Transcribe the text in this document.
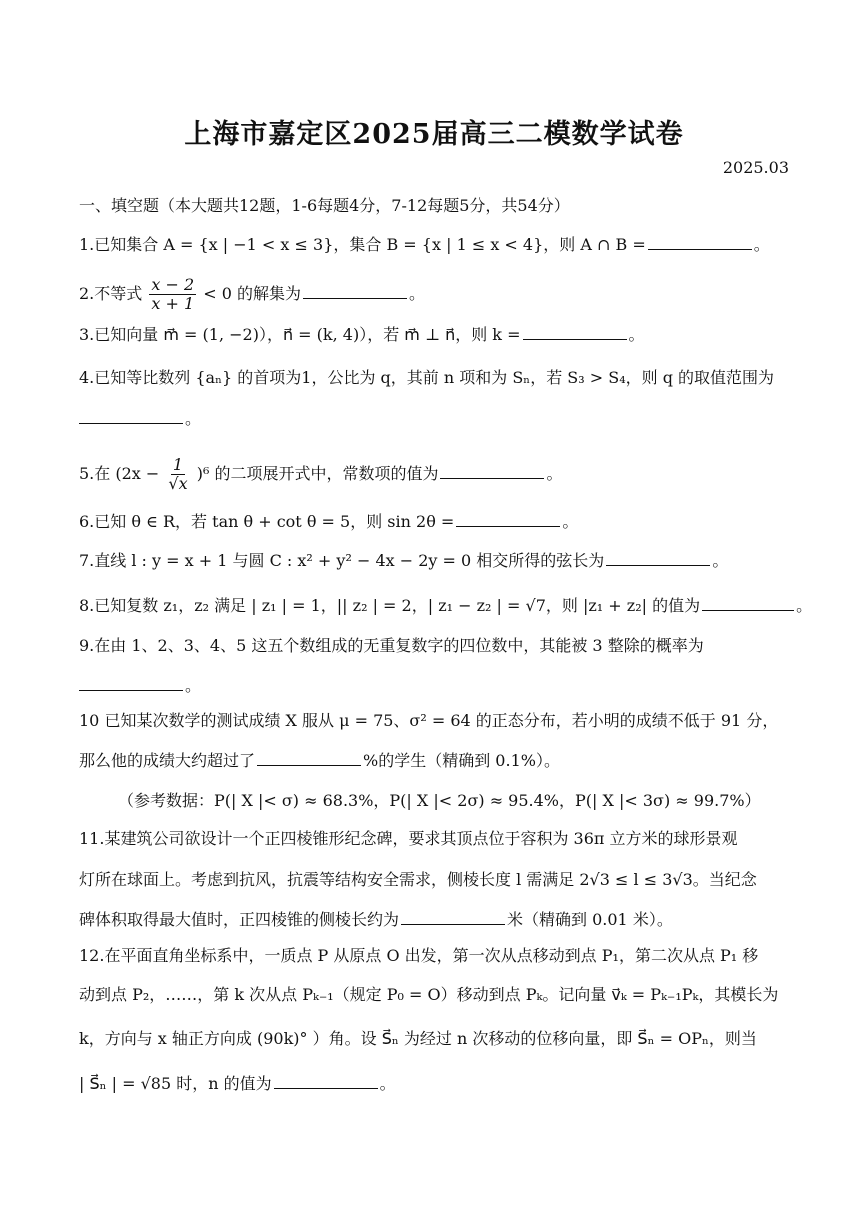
上海市嘉定区2025届高三二模数学试卷
2025.03
一、填空题（本大题共12题，1-6每题4分，7-12每题5分，共54分）
1.已知集合 A = {x | −1 < x ≤ 3}，集合 B = {x | 1 ≤ x < 4}，则 A ∩ B =	。
2.不等式 $\frac{x - 2}{x + 1} < 0$ 的解集为	。
3.已知向量 m⃗ = (1, −2)），n⃗ = (k, 4)），若 m⃗ ⊥ n⃗，则 k =	。
4.已知等比数列 {aₙ} 的首项为1，公比为 q，其前 n 项和为 Sₙ，若 S₃ > S₄，则 q 的取值范围为
。
5.在 $(2x - \frac{1}{√x} )^6$ 的二项展开式中，常数项的值为	。
6.已知 θ ∈ R，若 tan θ + cot θ = 5，则 sin 2θ =	。
7.直线 l : y = x + 1 与圆 C : x² + y² − 4x − 2y = 0 相交所得的弦长为	。
8.已知复数 z₁，z₂ 满足 | z₁ | = 1，|| z₂ | = 2，| z₁ − z₂ | = √7，则 |z₁ + z₂| 的值为	。
9.在由 1、2、3、4、5 这五个数组成的无重复数字的四位数中，其能被 3 整除的概率为
。
10 已知某次数学的测试成绩 X 服从 μ = 75、σ² = 64 的正态分布，若小明的成绩不低于 91 分，
那么他的成绩大约超过了	%的学生（精确到 0.1%）。
（参考数据：P(| X |< σ) ≈ 68.3%，P(| X |< 2σ) ≈ 95.4%，P(| X |< 3σ) ≈ 99.7%）
11.某建筑公司欲设计一个正四棱锥形纪念碑，要求其顶点位于容积为 36π 立方米的球形景观
灯所在球面上。考虑到抗风，抗震等结构安全需求，侧棱长度 l 需满足 2√3 ≤ l ≤ 3√3。当纪念
碑体积取得最大值时，正四棱锥的侧棱长约为	米（精确到 0.01 米）。
12.在平面直角坐标系中，一质点 P 从原点 O 出发，第一次从点移动到点 P₁，第二次从点 P₁ 移
动到点 P₂，……，第 k 次从点 Pₖ₋₁（规定 P₀ = O）移动到点 Pₖ。记向量 v⃗ₖ = Pₖ₋₁Pₖ，其模长为
k，方向与 x 轴正方向成 (90k)° ）角。设 S⃗ₙ 为经过 n 次移动的位移向量，即 S⃗ₙ = OPₙ，则当
| S⃗ₙ | = √85 时，n 的值为	。
